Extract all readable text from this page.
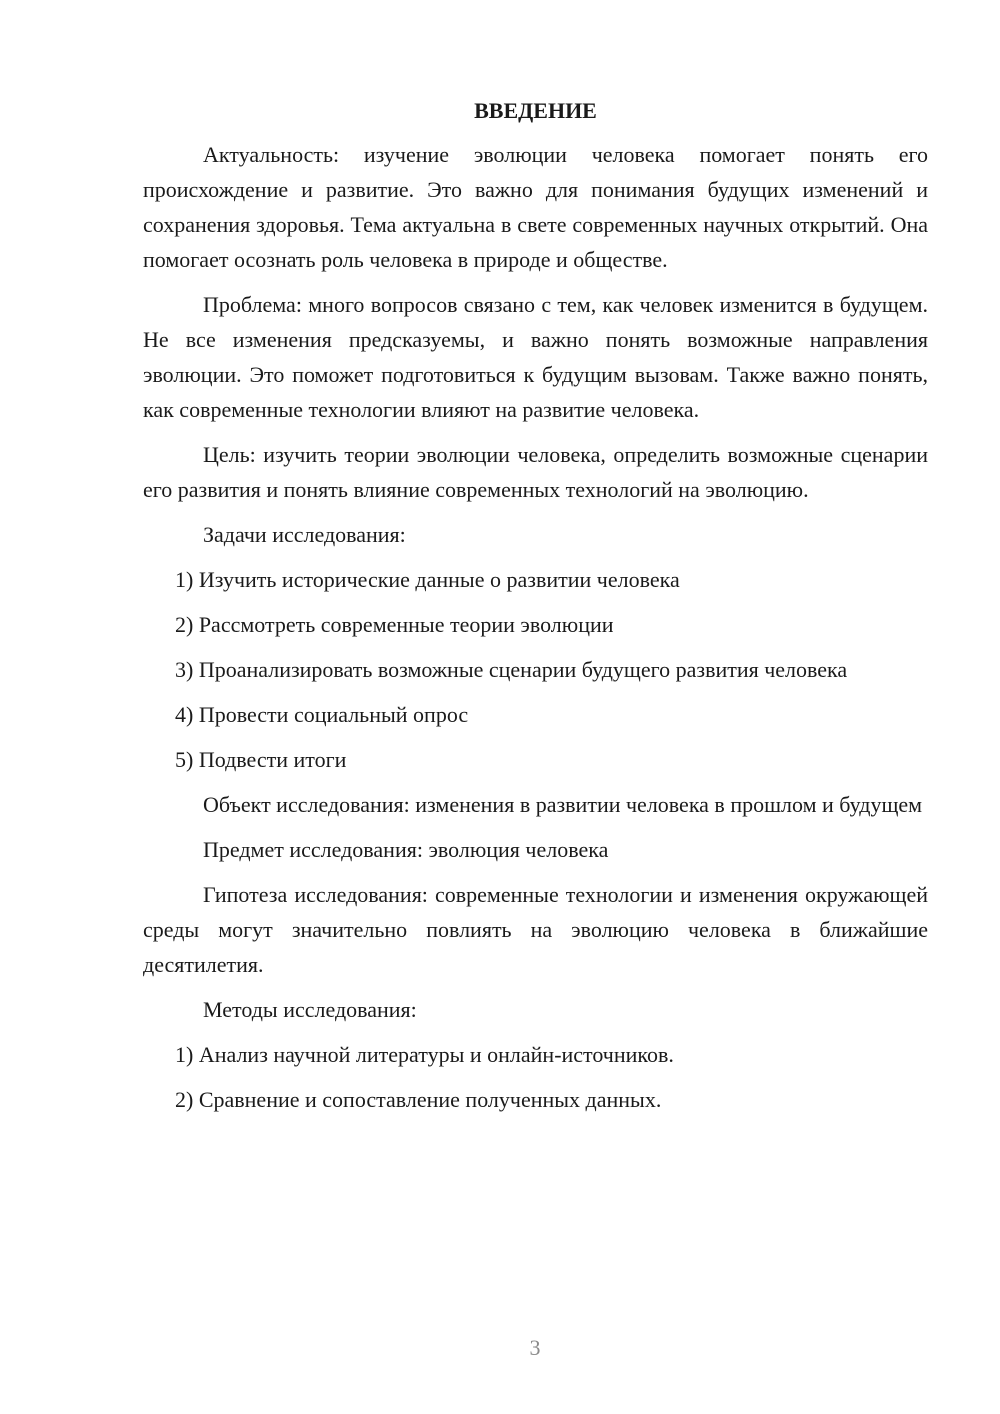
ВВЕДЕНИЕ

Актуальность: изучение эволюции человека помогает понять его происхождение и развитие. Это важно для понимания будущих изменений и сохранения здоровья. Тема актуальна в свете современных научных открытий. Она помогает осознать роль человека в природе и обществе.

Проблема: много вопросов связано с тем, как человек изменится в будущем. Не все изменения предсказуемы, и важно понять возможные направления эволюции. Это поможет подготовиться к будущим вызовам. Также важно понять, как современные технологии влияют на развитие человека.

Цель: изучить теории эволюции человека, определить возможные сценарии его развития и понять влияние современных технологий на эволюцию.

Задачи исследования:

1) Изучить исторические данные о развитии человека

2) Рассмотреть современные теории эволюции

3) Проанализировать возможные сценарии будущего развития человека

4) Провести социальный опрос

5) Подвести итоги

Объект исследования: изменения в развитии человека в прошлом и будущем

Предмет исследования: эволюция человека

Гипотеза исследования: современные технологии и изменения окружающей среды могут значительно повлиять на эволюцию человека в ближайшие десятилетия.

Методы исследования:

1) Анализ научной литературы и онлайн-источников.

2) Сравнение и сопоставление полученных данных.

3
